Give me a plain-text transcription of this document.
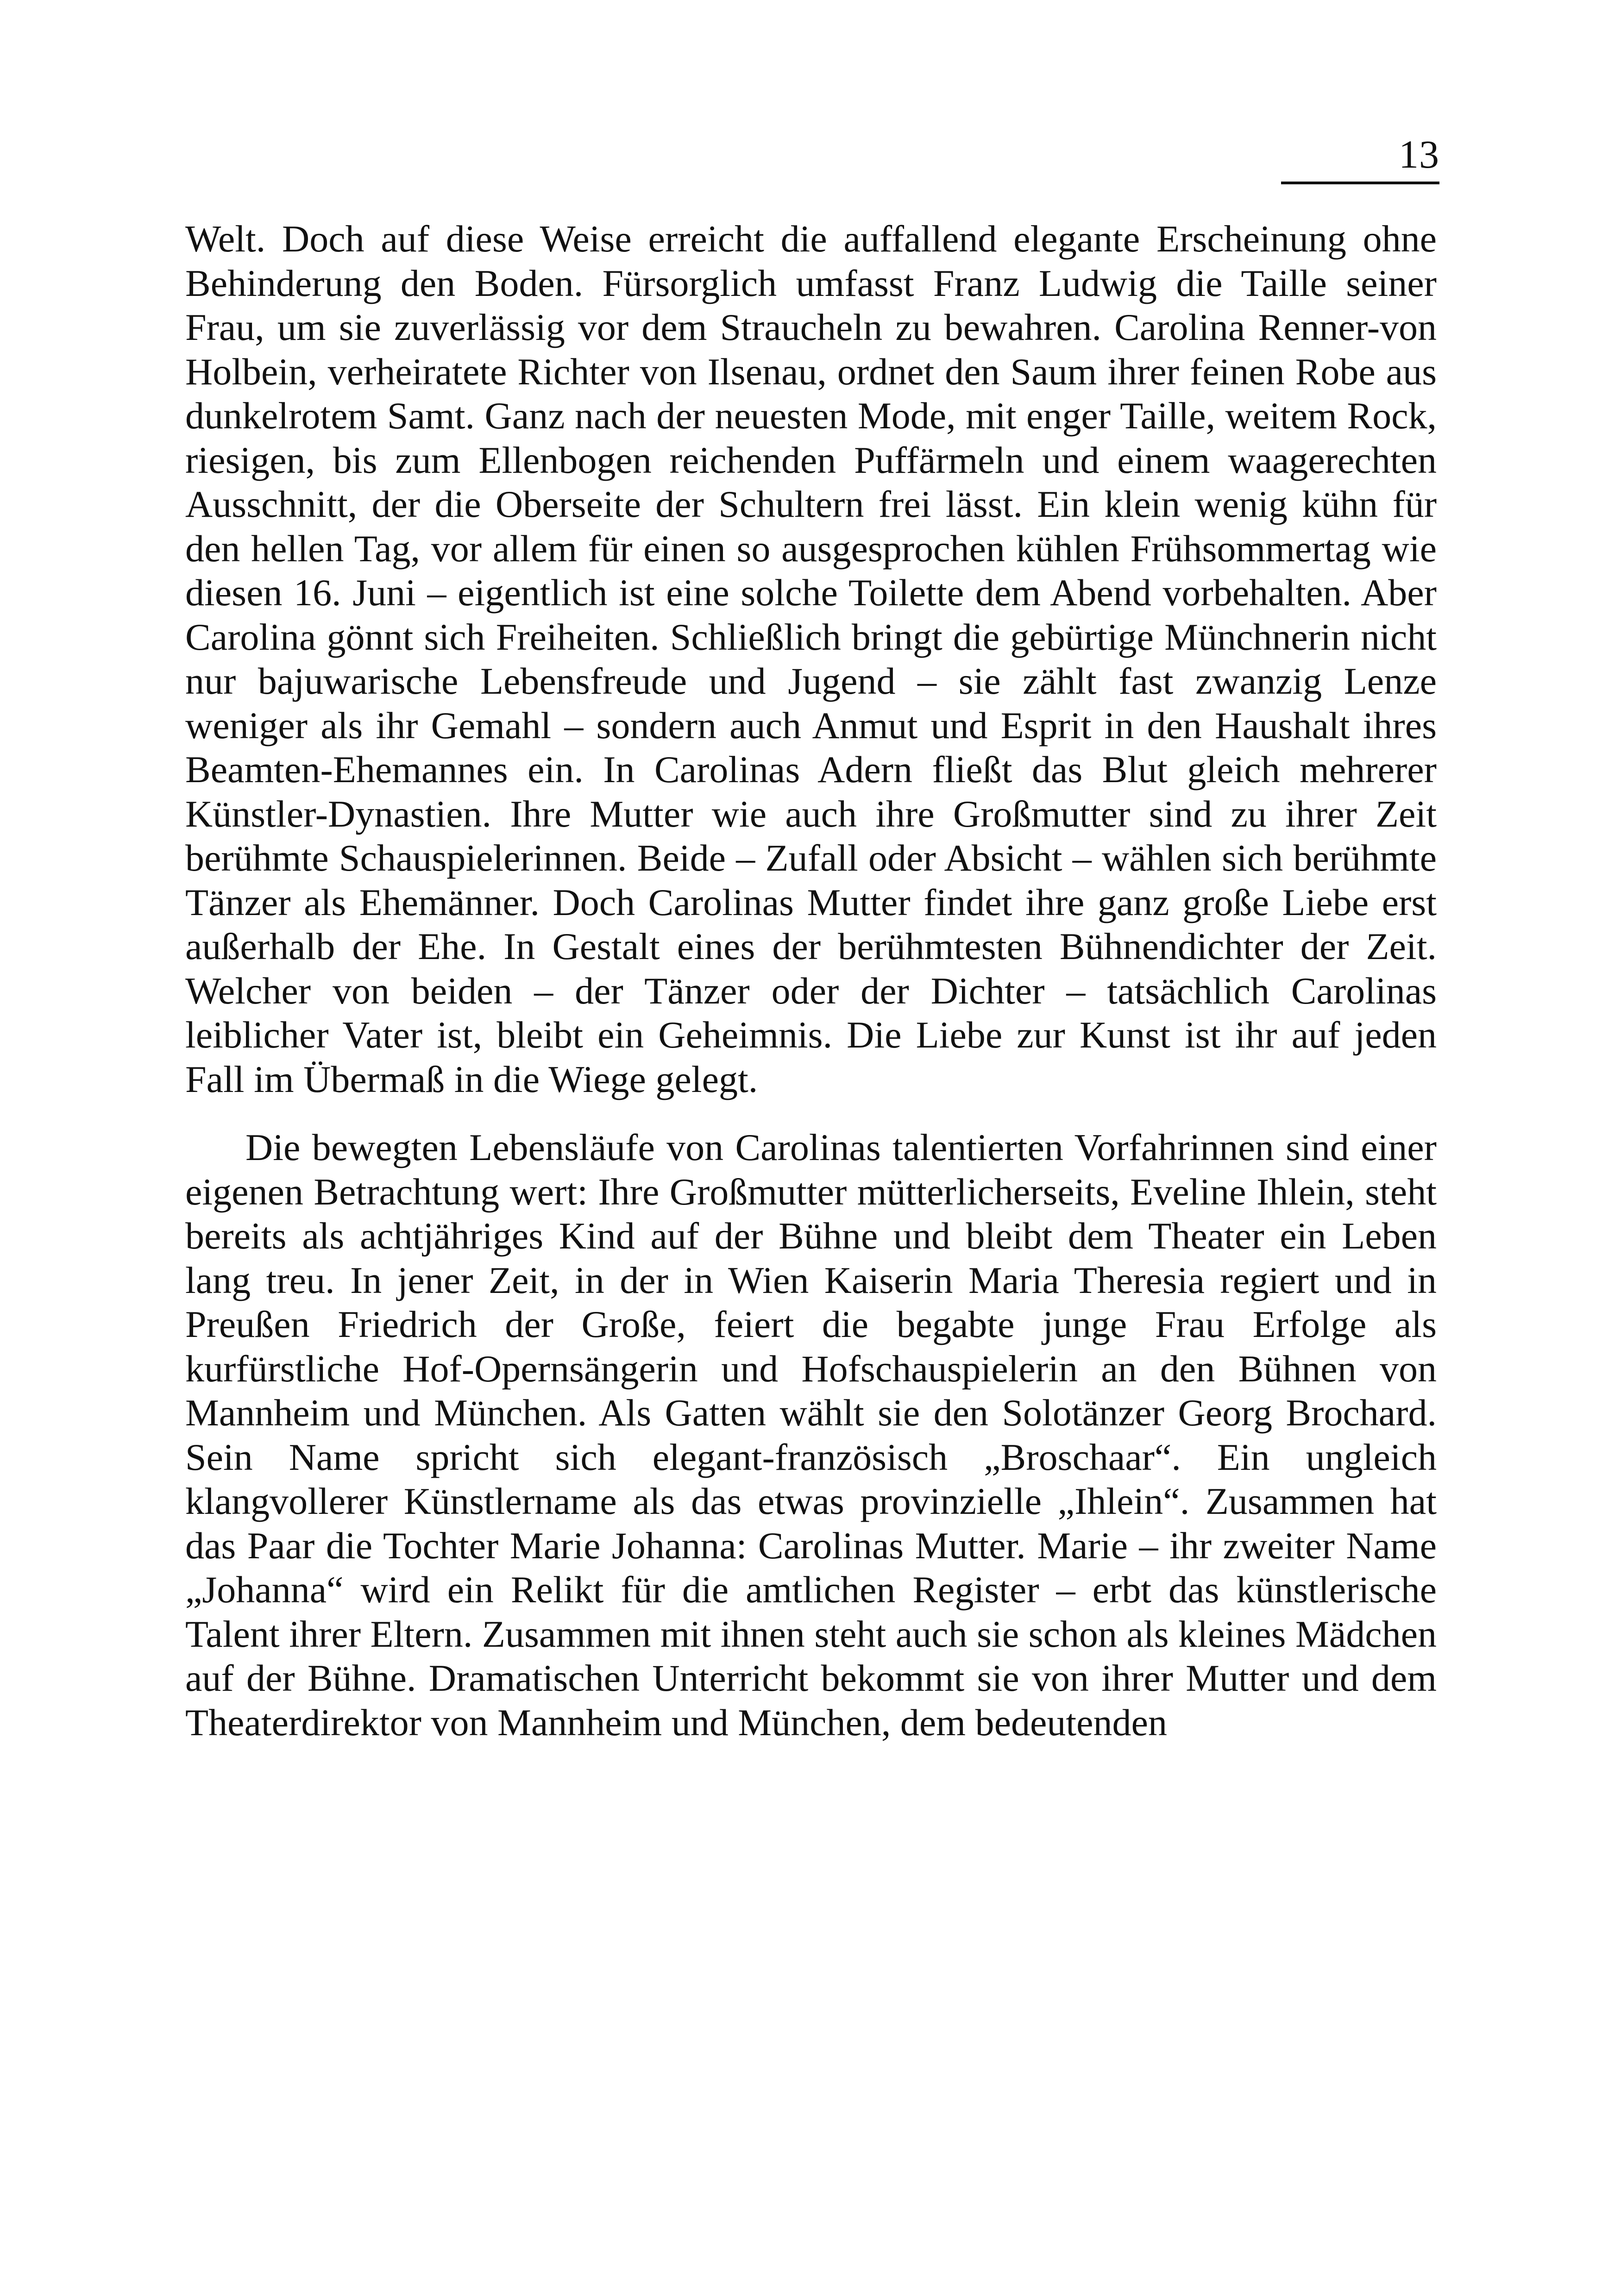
13

Welt. Doch auf diese Weise erreicht die auffallend elegante Erscheinung ohne Behinderung den Boden. Fürsorglich umfasst Franz Ludwig die Taille seiner Frau, um sie zuverlässig vor dem Straucheln zu bewahren. Carolina Renner-von Holbein, verheiratete Richter von Ilsenau, ordnet den Saum ihrer feinen Robe aus dunkelrotem Samt. Ganz nach der neuesten Mode, mit enger Taille, weitem Rock, riesigen, bis zum Ellenbogen reichenden Puffärmeln und einem waagerechten Ausschnitt, der die Oberseite der Schultern frei lässt. Ein klein wenig kühn für den hellen Tag, vor allem für einen so ausgesprochen kühlen Frühsommertag wie diesen 16. Juni – eigentlich ist eine solche Toilette dem Abend vorbehalten. Aber Carolina gönnt sich Freiheiten. Schließlich bringt die gebürtige Münchnerin nicht nur bajuwarische Lebensfreude und Jugend – sie zählt fast zwanzig Lenze weniger als ihr Gemahl – sondern auch Anmut und Esprit in den Haushalt ihres Beamten-Ehemannes ein. In Carolinas Adern fließt das Blut gleich mehrerer Künstler-Dynastien. Ihre Mutter wie auch ihre Großmutter sind zu ihrer Zeit berühmte Schauspielerinnen. Beide – Zufall oder Absicht – wählen sich berühmte Tänzer als Ehemänner. Doch Carolinas Mutter findet ihre ganz große Liebe erst außerhalb der Ehe. In Gestalt eines der berühmtesten Bühnendichter der Zeit. Welcher von beiden – der Tänzer oder der Dichter – tatsächlich Carolinas leiblicher Vater ist, bleibt ein Geheimnis. Die Liebe zur Kunst ist ihr auf jeden Fall im Übermaß in die Wiege gelegt.

Die bewegten Lebensläufe von Carolinas talentierten Vorfahrinnen sind einer eigenen Betrachtung wert: Ihre Großmutter mütterlicherseits, Eveline Ihlein, steht bereits als achtjähriges Kind auf der Bühne und bleibt dem Theater ein Leben lang treu. In jener Zeit, in der in Wien Kaiserin Maria Theresia regiert und in Preußen Friedrich der Große, feiert die begabte junge Frau Erfolge als kurfürstliche Hof-Opernsängerin und Hofschauspielerin an den Bühnen von Mannheim und München. Als Gatten wählt sie den Solotänzer Georg Brochard. Sein Name spricht sich elegant-französisch „Broschaar“. Ein ungleich klangvollerer Künstlername als das etwas provinzielle „Ihlein“. Zusammen hat das Paar die Tochter Marie Johanna: Carolinas Mutter. Marie – ihr zweiter Name „Johanna“ wird ein Relikt für die amtlichen Register – erbt das künstlerische Talent ihrer Eltern. Zusammen mit ihnen steht auch sie schon als kleines Mädchen auf der Bühne. Dramatischen Unterricht bekommt sie von ihrer Mutter und dem Theaterdirektor von Mannheim und München, dem bedeutenden
